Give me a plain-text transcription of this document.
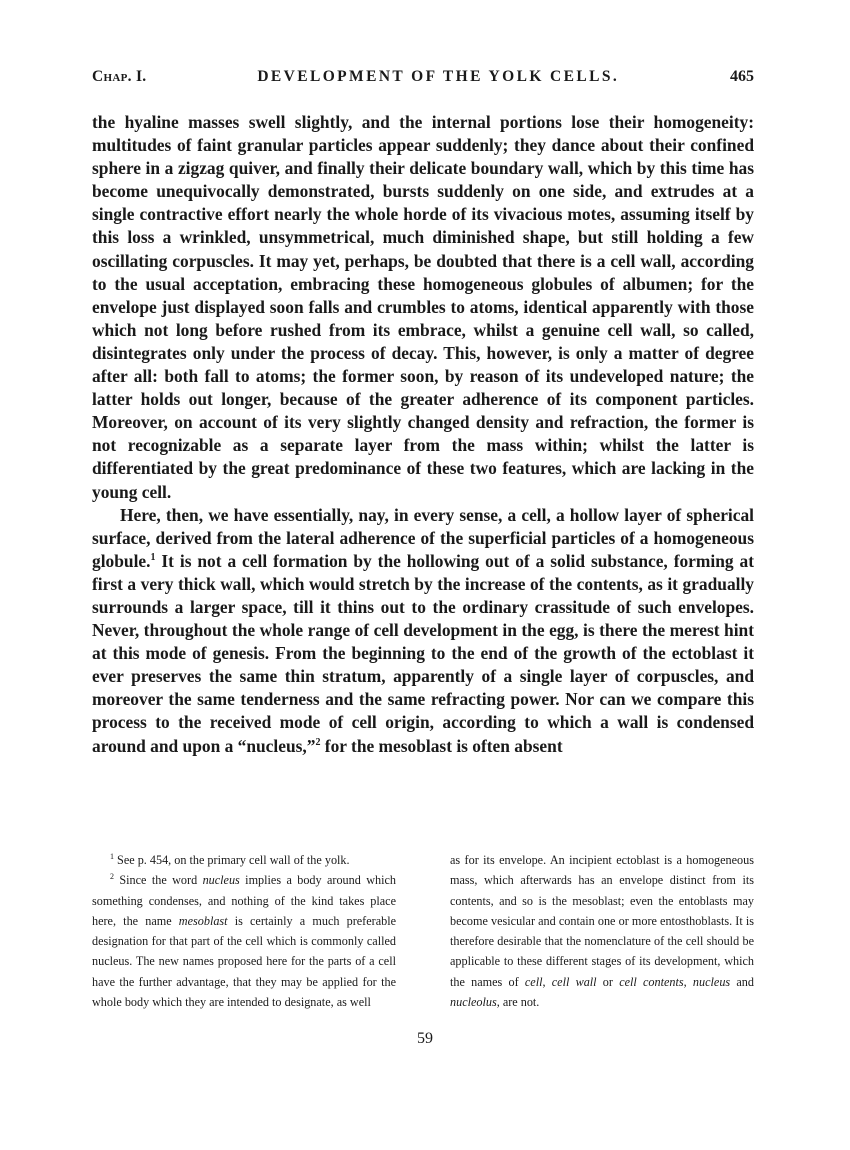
Chap. I.	DEVELOPMENT OF THE YOLK CELLS.	465

the hyaline masses swell slightly, and the internal portions lose their homogeneity: multitudes of faint granular particles appear suddenly; they dance about their confined sphere in a zigzag quiver, and finally their delicate boundary wall, which by this time has become unequivocally demonstrated, bursts suddenly on one side, and extrudes at a single contractive effort nearly the whole horde of its vivacious motes, assuming itself by this loss a wrinkled, unsymmetrical, much diminished shape, but still holding a few oscillating corpuscles. It may yet, perhaps, be doubted that there is a cell wall, according to the usual acceptation, embracing these homogeneous globules of albumen; for the envelope just displayed soon falls and crumbles to atoms, identical apparently with those which not long before rushed from its embrace, whilst a genuine cell wall, so called, disintegrates only under the process of decay. This, however, is only a matter of degree after all: both fall to atoms; the former soon, by reason of its undeveloped nature; the latter holds out longer, because of the greater adherence of its component particles. Moreover, on account of its very slightly changed density and refraction, the former is not recognizable as a separate layer from the mass within; whilst the latter is differentiated by the great predominance of these two features, which are lacking in the young cell.

Here, then, we have essentially, nay, in every sense, a cell, a hollow layer of spherical surface, derived from the lateral adherence of the superficial particles of a homogeneous globule.$^1$ It is not a cell formation by the hollowing out of a solid substance, forming at first a very thick wall, which would stretch by the increase of the contents, as it gradually surrounds a larger space, till it thins out to the ordinary crassitude of such envelopes. Never, throughout the whole range of cell development in the egg, is there the merest hint at this mode of genesis. From the beginning to the end of the growth of the ectoblast it ever preserves the same thin stratum, apparently of a single layer of corpuscles, and moreover the same tenderness and the same refracting power. Nor can we compare this process to the received mode of cell origin, according to which a wall is condensed around and upon a “nucleus,”$^2$ for the mesoblast is often absent

$^1$ See p. 454, on the primary cell wall of the yolk.

$^2$ Since the word nucleus implies a body around which something condenses, and nothing of the kind takes place here, the name mesoblast is certainly a much preferable designation for that part of the cell which is commonly called nucleus. The new names proposed here for the parts of a cell have the further advantage, that they may be applied for the whole body which they are intended to designate, as well

as for its envelope. An incipient ectoblast is a homogeneous mass, which afterwards has an envelope distinct from its contents, and so is the mesoblast; even the entoblasts may become vesicular and contain one or more entosthoblasts. It is therefore desirable that the nomenclature of the cell should be applicable to these different stages of its development, which the names of cell, cell wall or cell contents, nucleus and nucleolus, are not.

59
